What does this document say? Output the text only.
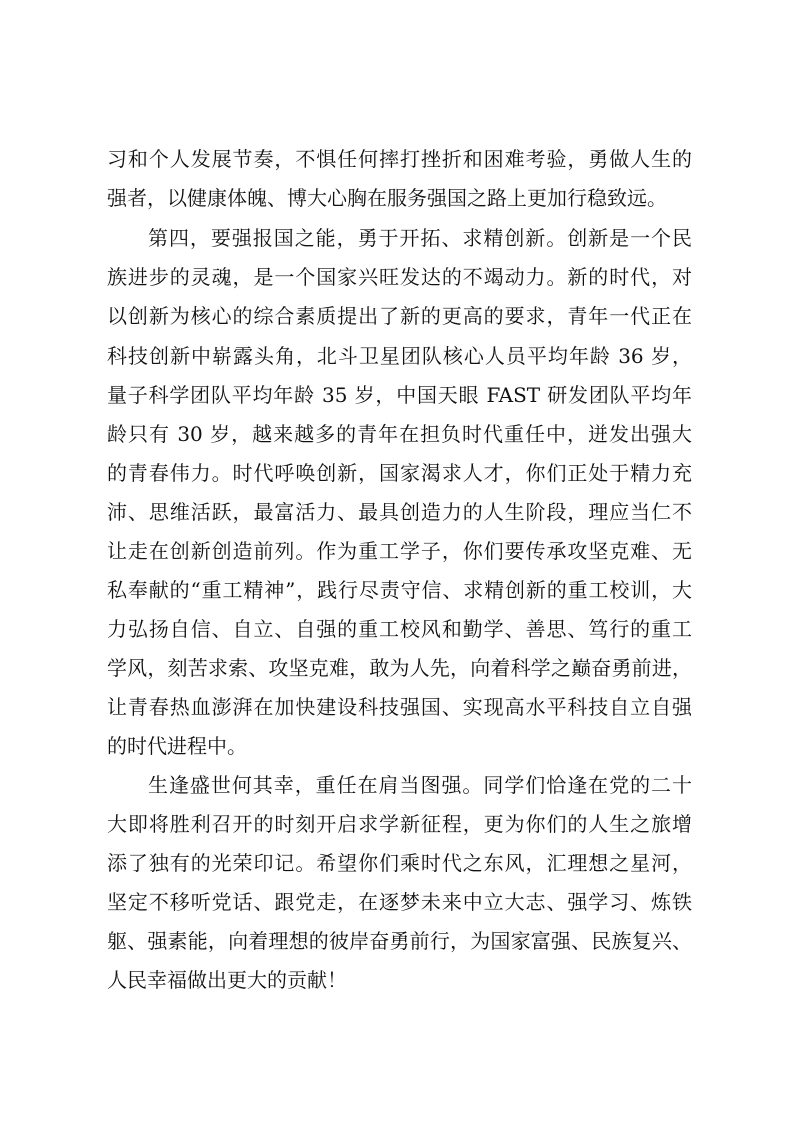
习和个人发展节奏，不惧任何摔打挫折和困难考验，勇做人生的
强者，以健康体魄、博大心胸在服务强国之路上更加行稳致远。
第四，要强报国之能，勇于开拓、求精创新。创新是一个民
族进步的灵魂，是一个国家兴旺发达的不竭动力。新的时代，对
以创新为核心的综合素质提出了新的更高的要求，青年一代正在
科技创新中崭露头角，北斗卫星团队核心人员平均年龄 36 岁，
量子科学团队平均年龄 35 岁，中国天眼 FAST 研发团队平均年
龄只有 30 岁，越来越多的青年在担负时代重任中，迸发出强大
的青春伟力。时代呼唤创新，国家渴求人才，你们正处于精力充
沛、思维活跃，最富活力、最具创造力的人生阶段，理应当仁不
让走在创新创造前列。作为重工学子，你们要传承攻坚克难、无
私奉献的“重工精神”，践行尽责守信、求精创新的重工校训，大
力弘扬自信、自立、自强的重工校风和勤学、善思、笃行的重工
学风，刻苦求索、攻坚克难，敢为人先，向着科学之巅奋勇前进，
让青春热血澎湃在加快建设科技强国、实现高水平科技自立自强
的时代进程中。
生逢盛世何其幸，重任在肩当图强。同学们恰逢在党的二十
大即将胜利召开的时刻开启求学新征程，更为你们的人生之旅增
添了独有的光荣印记。希望你们乘时代之东风，汇理想之星河，
坚定不移听党话、跟党走，在逐梦未来中立大志、强学习、炼铁
躯、强素能，向着理想的彼岸奋勇前行，为国家富强、民族复兴、
人民幸福做出更大的贡献！
